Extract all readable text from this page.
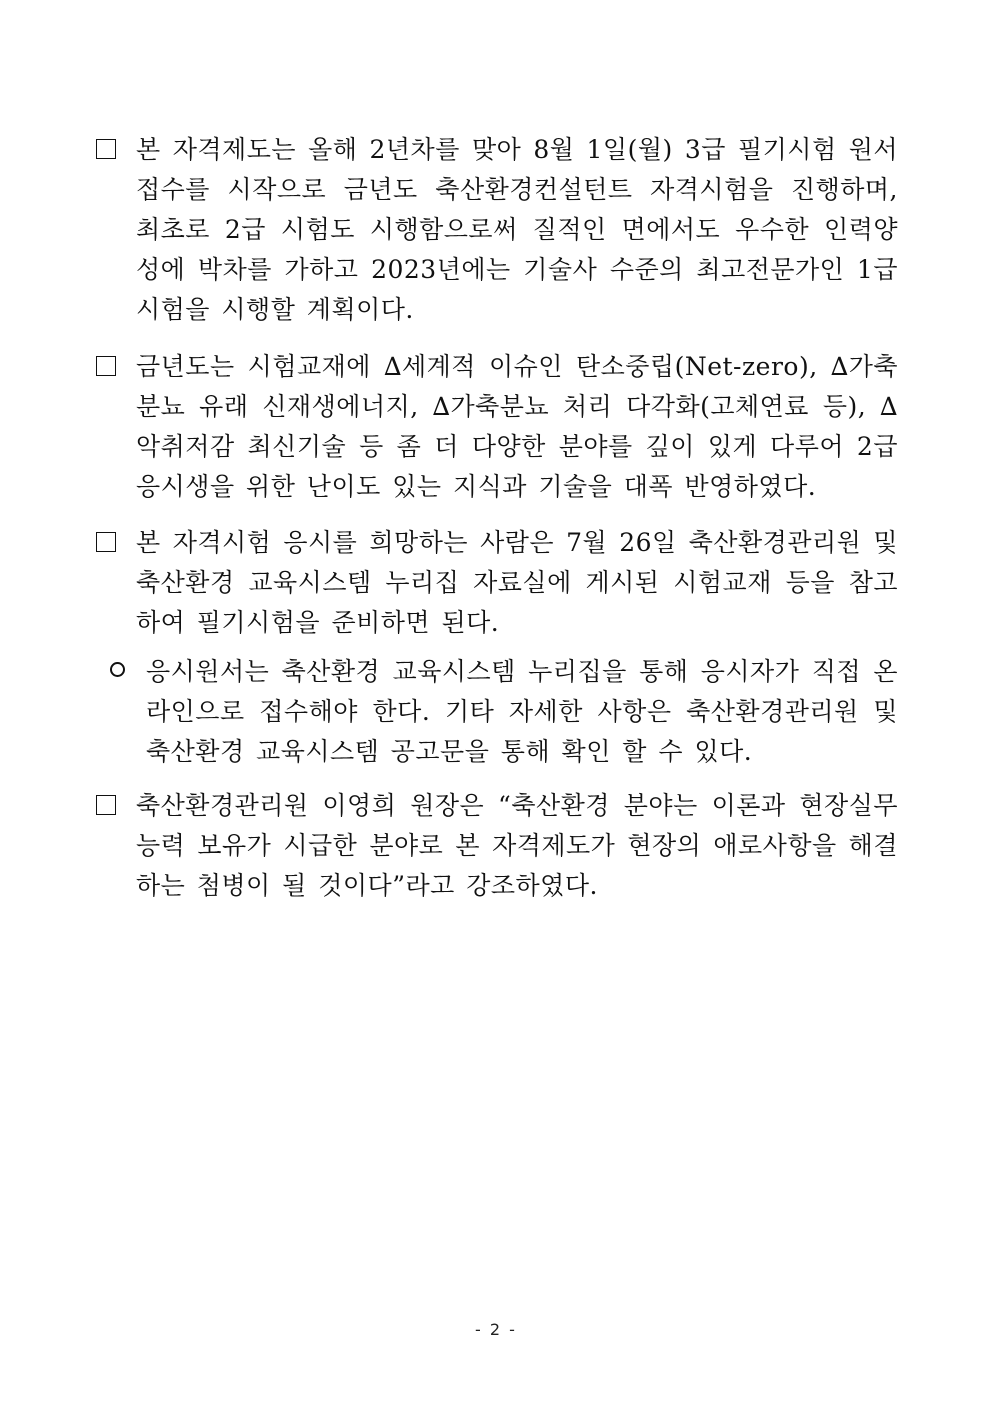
본 자격제도는 올해 2년차를 맞아 8월 1일(월) 3급 필기시험 원서접수를 시작으로 금년도 축산환경컨설턴트 자격시험을 진행하며, 최초로 2급 시험도 시행함으로써 질적인 면에서도 우수한 인력양성에 박차를 가하고 2023년에는 기술사 수준의 최고전문가인 1급 시험을 시행할 계획이다.
금년도는 시험교재에 ∆세계적 이슈인 탄소중립(Net-zero), ∆가축분뇨 유래 신재생에너지, ∆가축분뇨 처리 다각화(고체연료 등), ∆악취저감 최신기술 등 좀 더 다양한 분야를 깊이 있게 다루어 2급 응시생을 위한 난이도 있는 지식과 기술을 대폭 반영하였다.
본 자격시험 응시를 희망하는 사람은 7월 26일 축산환경관리원 및 축산환경 교육시스템 누리집 자료실에 게시된 시험교재 등을 참고하여 필기시험을 준비하면 된다.
응시원서는 축산환경 교육시스템 누리집을 통해 응시자가 직접 온라인으로 접수해야 한다. 기타 자세한 사항은 축산환경관리원 및 축산환경 교육시스템 공고문을 통해 확인 할 수 있다.
축산환경관리원 이영희 원장은 “축산환경 분야는 이론과 현장실무 능력 보유가 시급한 분야로 본 자격제도가 현장의 애로사항을 해결하는 첨병이 될 것이다”라고 강조하였다.
- 2 -
